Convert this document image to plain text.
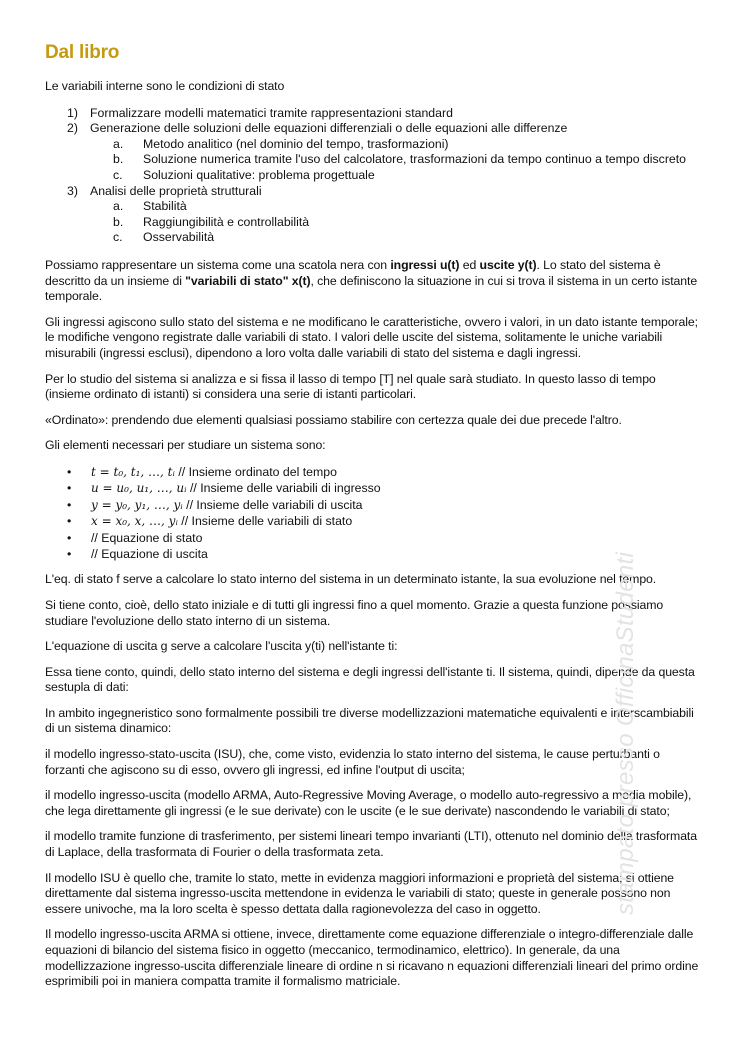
Dal libro

Le variabili interne sono le condizioni di stato

1) Formalizzare modelli matematici tramite rappresentazioni standard
2) Generazione delle soluzioni delle equazioni differenziali o delle equazioni alle differenze
a. Metodo analitico (nel dominio del tempo, trasformazioni)
b. Soluzione numerica tramite l'uso del calcolatore, trasformazioni da tempo continuo a tempo discreto
c. Soluzioni qualitative: problema progettuale
3) Analisi delle proprietà strutturali
a. Stabilità
b. Raggiungibilità e controllabilità
c. Osservabilità

Possiamo rappresentare un sistema come una scatola nera con ingressi u(t) ed uscite y(t). Lo stato del sistema è descritto da un insieme di "variabili di stato" x(t), che definiscono la situazione in cui si trova il sistema in un certo istante temporale.

Gli ingressi agiscono sullo stato del sistema e ne modificano le caratteristiche, ovvero i valori, in un dato istante temporale; le modifiche vengono registrate dalle variabili di stato. I valori delle uscite del sistema, solitamente le uniche variabili misurabili (ingressi esclusi), dipendono a loro volta dalle variabili di stato del sistema e dagli ingressi.

Per lo studio del sistema si analizza e si fissa il lasso di tempo [T] nel quale sarà studiato. In questo lasso di tempo (insieme ordinato di istanti) si considera una serie di istanti particolari.

«Ordinato»: prendendo due elementi qualsiasi possiamo stabilire con certezza quale dei due precede l'altro.

Gli elementi necessari per studiare un sistema sono:

• t = t₀, t₁, …, tᵢ // Insieme ordinato del tempo
• u = u₀, u₁, …, uᵢ // Insieme delle variabili di ingresso
• y = y₀, y₁, …, yᵢ // Insieme delle variabili di uscita
• x = x₀, x, …, yᵢ // Insieme delle variabili di stato
• // Equazione di stato
• // Equazione di uscita

L'eq. di stato f serve a calcolare lo stato interno del sistema in un determinato istante, la sua evoluzione nel tempo.

Si tiene conto, cioè, dello stato iniziale e di tutti gli ingressi fino a quel momento. Grazie a questa funzione possiamo studiare l'evoluzione dello stato interno di un sistema.

L'equazione di uscita g serve a calcolare l'uscita y(ti) nell'istante ti:

Essa tiene conto, quindi, dello stato interno del sistema e degli ingressi dell'istante ti. Il sistema, quindi, dipende da questa sestupla di dati:

In ambito ingegneristico sono formalmente possibili tre diverse modellizzazioni matematiche equivalenti e interscambiabili di un sistema dinamico:

il modello ingresso-stato-uscita (ISU), che, come visto, evidenzia lo stato interno del sistema, le cause perturbanti o forzanti che agiscono su di esso, ovvero gli ingressi, ed infine l'output di uscita;

il modello ingresso-uscita (modello ARMA, Auto-Regressive Moving Average, o modello auto-regressivo a media mobile), che lega direttamente gli ingressi (e le sue derivate) con le uscite (e le sue derivate) nascondendo le variabili di stato;

il modello tramite funzione di trasferimento, per sistemi lineari tempo invarianti (LTI), ottenuto nel dominio della trasformata di Laplace, della trasformata di Fourier o della trasformata zeta.

Il modello ISU è quello che, tramite lo stato, mette in evidenza maggiori informazioni e proprietà del sistema; si ottiene direttamente dal sistema ingresso-uscita mettendone in evidenza le variabili di stato; queste in generale possono non essere univoche, ma la loro scelta è spesso dettata dalla ragionevolezza del caso in oggetto.

Il modello ingresso-uscita ARMA si ottiene, invece, direttamente come equazione differenziale o integro-differenziale dalle equazioni di bilancio del sistema fisico in oggetto (meccanico, termodinamico, elettrico). In generale, da una modellizzazione ingresso-uscita differenziale lineare di ordine n si ricavano n equazioni differenziali lineari del primo ordine esprimibili poi in maniera compatta tramite il formalismo matriciale.

stampato presso OfficinaStudenti
